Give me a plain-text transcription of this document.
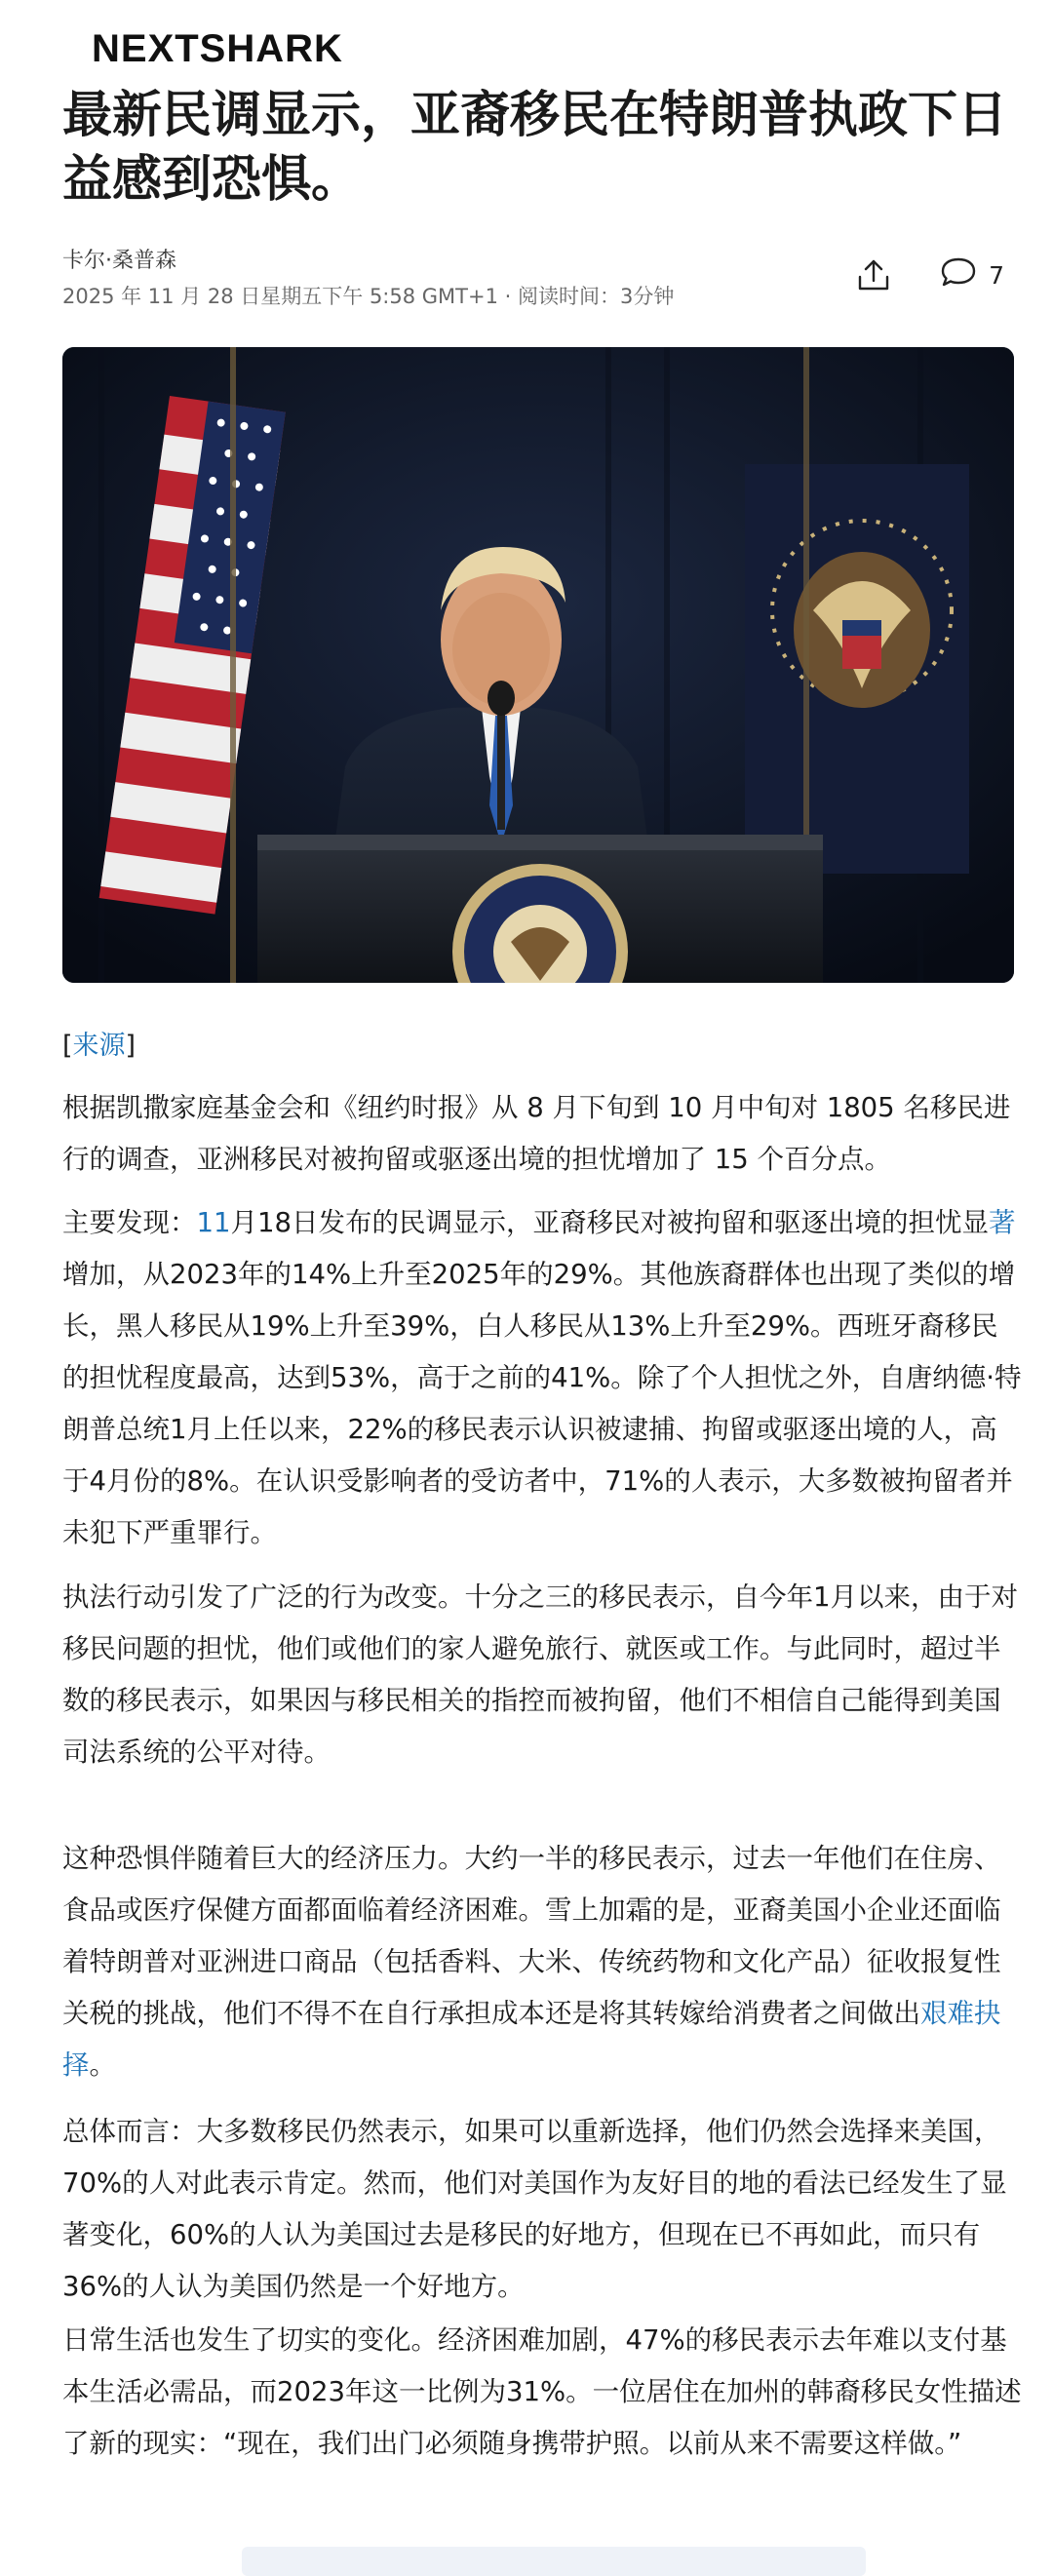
NEXTSHARK
最新民调显示，亚裔移民在特朗普执政下日益感到恐惧。
卡尔·桑普森
2025 年 11 月 28 日星期五下午 5:58 GMT+1 · 阅读时间：3分钟
7
[来源]

根据凯撒家庭基金会和《纽约时报》从 8 月下旬到 10 月中旬对 1805 名移民进行的调查，亚洲移民对被拘留或驱逐出境的担忧增加了 15 个百分点。

主要发现：11月18日发布的民调显示，亚裔移民对被拘留和驱逐出境的担忧显著增加，从2023年的14%上升至2025年的29%。其他族裔群体也出现了类似的增长，黑人移民从19%上升至39%，白人移民从13%上升至29%。西班牙裔移民的担忧程度最高，达到53%，高于之前的41%。除了个人担忧之外，自唐纳德·特朗普总统1月上任以来，22%的移民表示认识被逮捕、拘留或驱逐出境的人，高于4月份的8%。在认识受影响者的受访者中，71%的人表示，大多数被拘留者并未犯下严重罪行。

执法行动引发了广泛的行为改变。十分之三的移民表示，自今年1月以来，由于对移民问题的担忧，他们或他们的家人避免旅行、就医或工作。与此同时，超过半数的移民表示，如果因与移民相关的指控而被拘留，他们不相信自己能得到美国司法系统的公平对待。

这种恐惧伴随着巨大的经济压力。大约一半的移民表示，过去一年他们在住房、食品或医疗保健方面都面临着经济困难。雪上加霜的是，亚裔美国小企业还面临着特朗普对亚洲进口商品（包括香料、大米、传统药物和文化产品）征收报复性关税的挑战，他们不得不在自行承担成本还是将其转嫁给消费者之间做出艰难抉择。

总体而言：大多数移民仍然表示，如果可以重新选择，他们仍然会选择来美国，70%的人对此表示肯定。然而，他们对美国作为友好目的地的看法已经发生了显著变化，60%的人认为美国过去是移民的好地方，但现在已不再如此，而只有36%的人认为美国仍然是一个好地方。

日常生活也发生了切实的变化。经济困难加剧，47%的移民表示去年难以支付基本生活必需品，而2023年这一比例为31%。一位居住在加州的韩裔移民女性描述了新的现实：“现在，我们出门必须随身携带护照。以前从来不需要这样做。”
